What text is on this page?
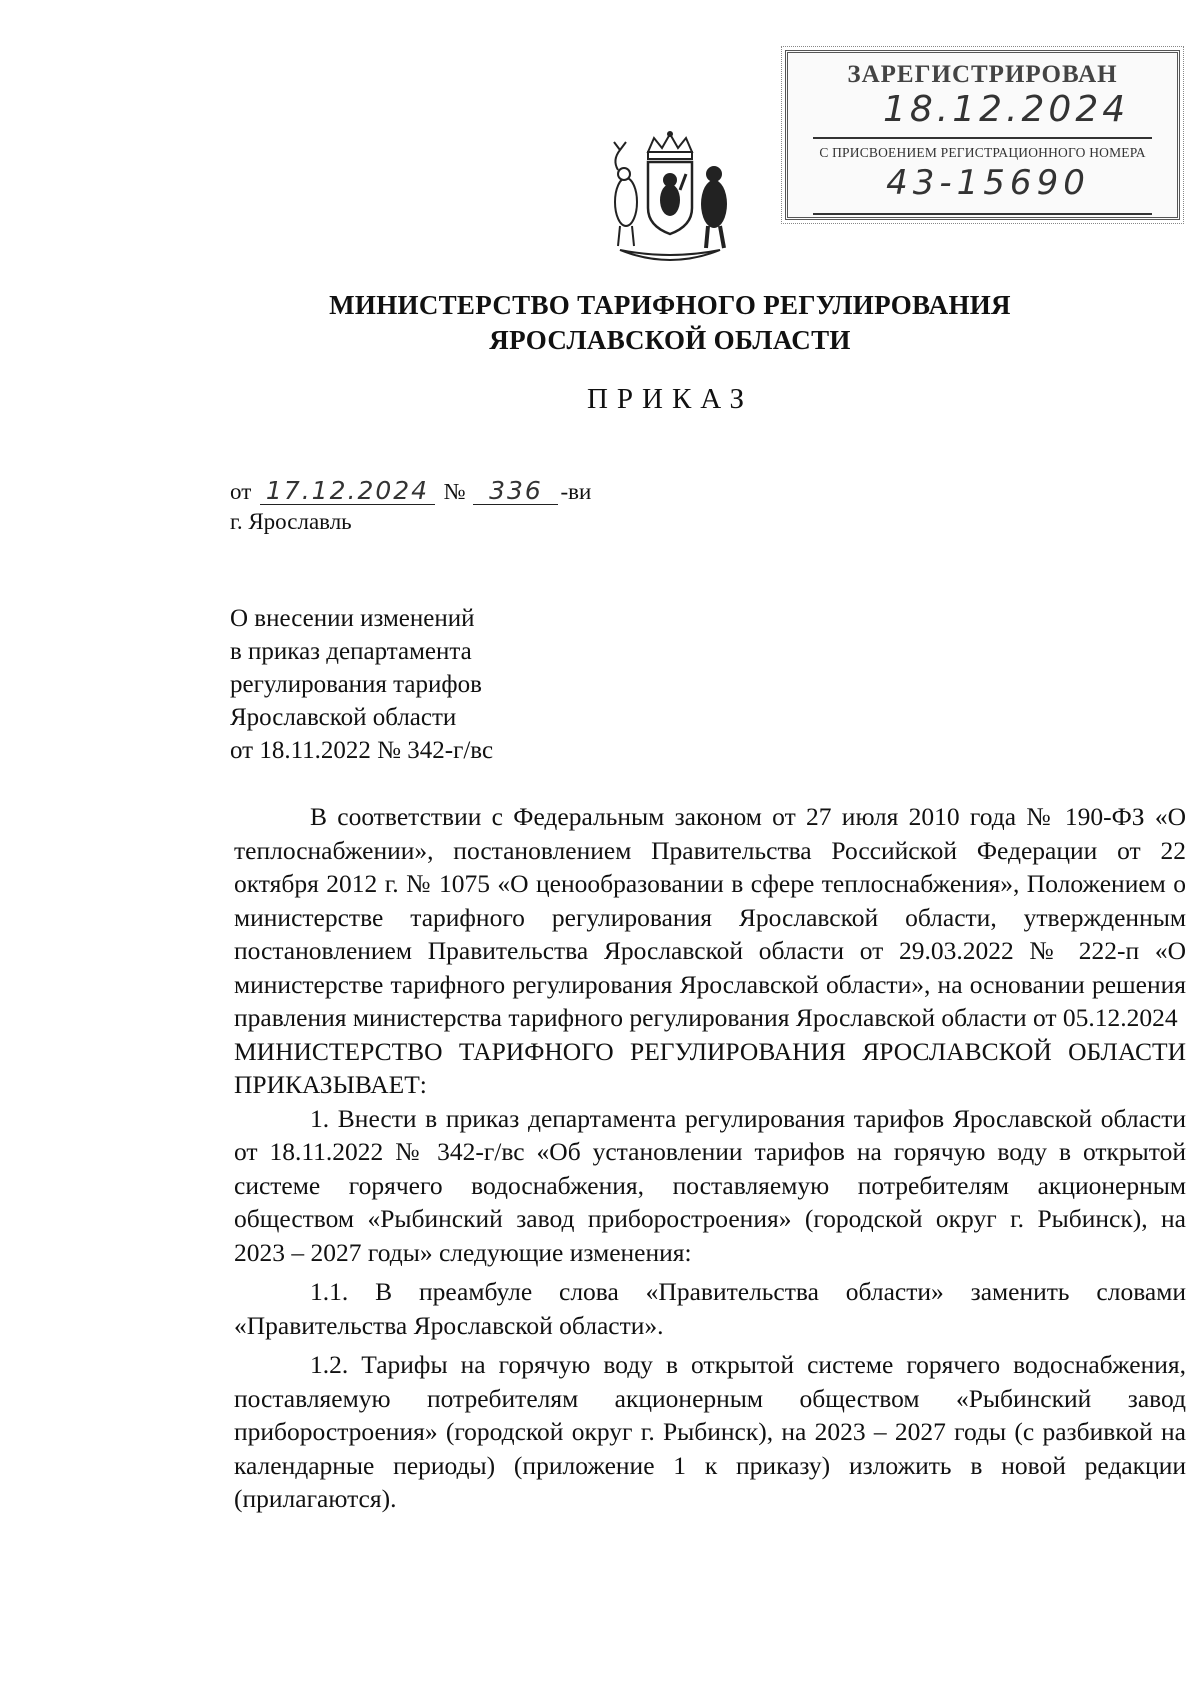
ЗАРЕГИСТРИРОВАН
18.12.2024
С ПРИСВОЕНИЕМ РЕГИСТРАЦИОННОГО НОМЕРА
43-15690
МИНИСТЕРСТВО ТАРИФНОГО РЕГУЛИРОВАНИЯ
ЯРОСЛАВСКОЙ ОБЛАСТИ
ПРИКАЗ
от 17.12.2024 № 336 -ви
г. Ярославль
О внесении изменений
в приказ департамента
регулирования тарифов
Ярославской области
от 18.11.2022 № 342-г/вс

В соответствии с Федеральным законом от 27 июля 2010 года № 190-ФЗ «О теплоснабжении», постановлением Правительства Российской Федерации от 22 октября 2012 г. № 1075 «О ценообразовании в сфере теплоснабжения», Положением о министерстве тарифного регулирования Ярославской области, утвержденным постановлением Правительства Ярославской области от 29.03.2022 № 222-п «О министерстве тарифного регулирования Ярославской области», на основании решения правления министерства тарифного регулирования Ярославской области от 05.12.2024

МИНИСТЕРСТВО ТАРИФНОГО РЕГУЛИРОВАНИЯ ЯРОСЛАВСКОЙ ОБЛАСТИ ПРИКАЗЫВАЕТ:

1. Внести в приказ департамента регулирования тарифов Ярославской области от 18.11.2022 № 342-г/вс «Об установлении тарифов на горячую воду в открытой системе горячего водоснабжения, поставляемую потребителям акционерным обществом «Рыбинский завод приборостроения» (городской округ г. Рыбинск), на 2023 – 2027 годы» следующие изменения:

1.1. В преамбуле слова «Правительства области» заменить словами «Правительства Ярославской области».

1.2. Тарифы на горячую воду в открытой системе горячего водоснабжения, поставляемую потребителям акционерным обществом «Рыбинский завод приборостроения» (городской округ г. Рыбинск), на 2023 – 2027 годы (с разбивкой на календарные периоды) (приложение 1 к приказу) изложить в новой редакции (прилагаются).
